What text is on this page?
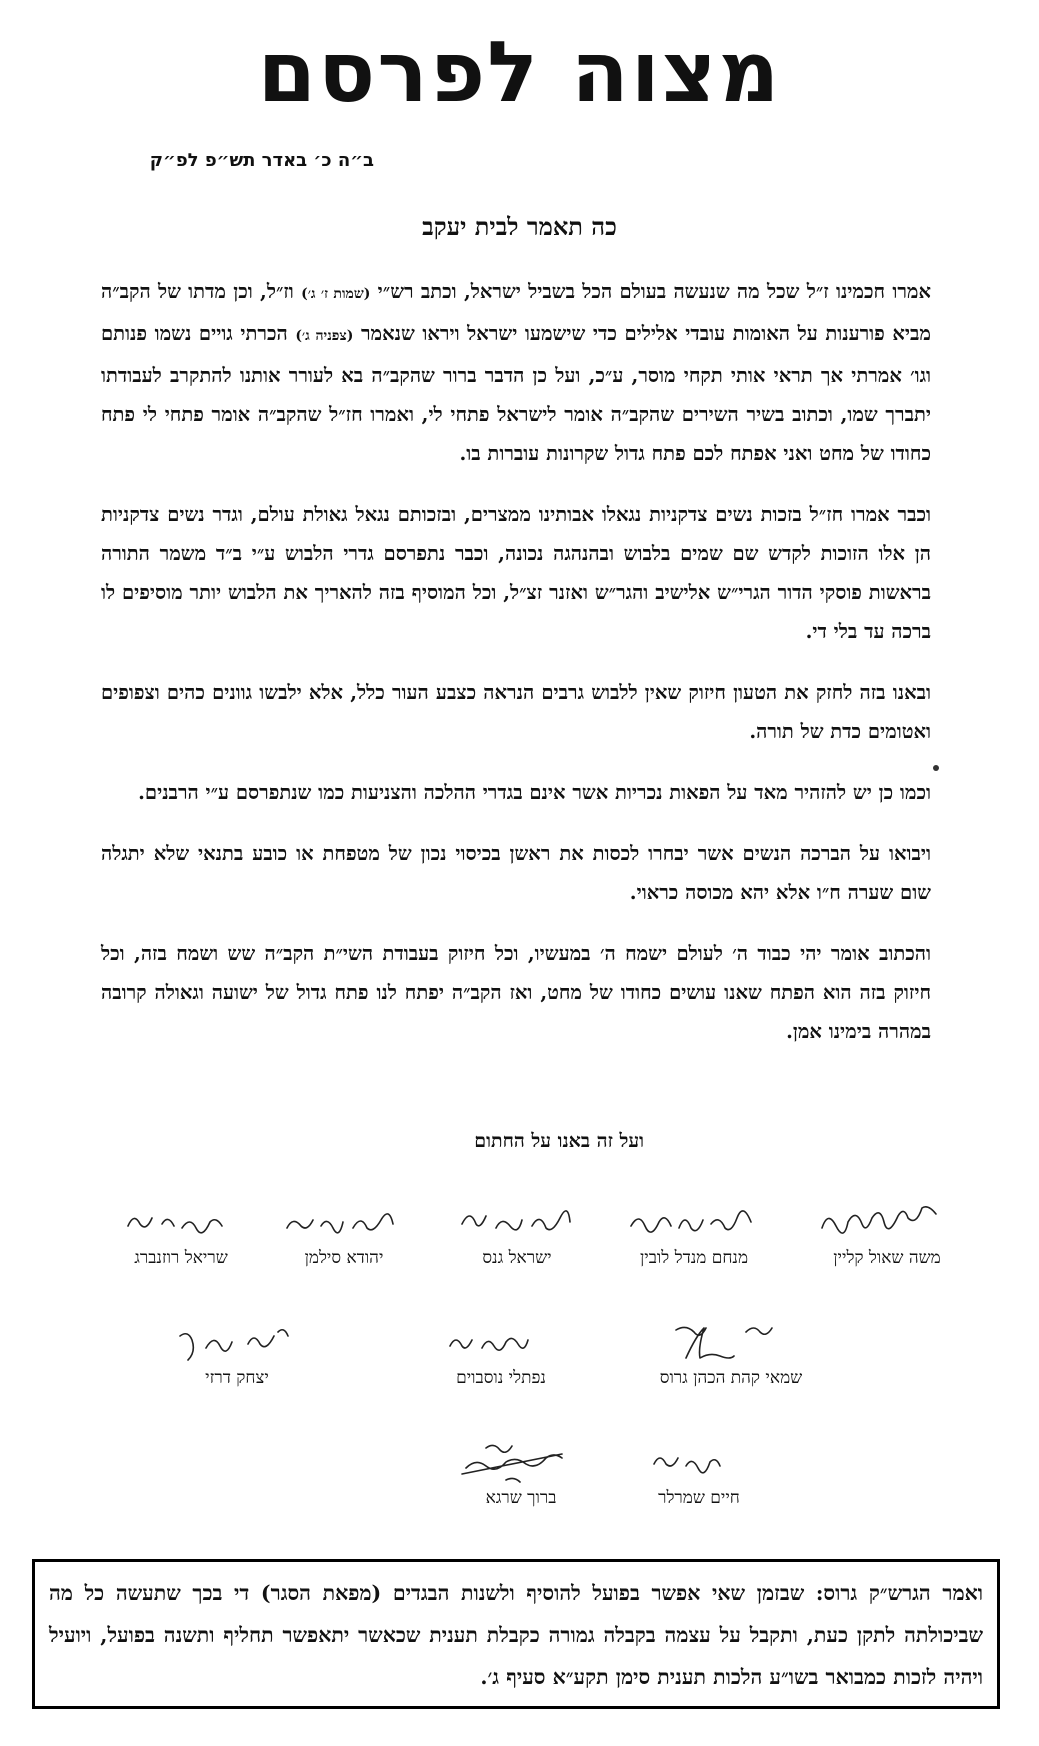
מצוה לפרסם
ב״ה כ׳ באדר תש״פ לפ״ק
כה תאמר לבית יעקב

אמרו חכמינו ז״ל שכל מה שנעשה בעולם הכל בשביל ישראל, וכתב רש״י (שמות ז׳ ג׳) וז״ל, וכן מדתו של הקב״ה מביא פורענות על האומות עובדי אלילים כדי שישמעו ישראל ויראו שנאמר (צפניה ג׳) הכרתי גויים נשמו פנותם וגו׳ אמרתי אך תראי אותי תקחי מוסר, ע״כ, ועל כן הדבר ברור שהקב״ה בא לעורר אותנו להתקרב לעבודתו יתברך שמו, וכתוב בשיר השירים שהקב״ה אומר לישראל פתחי לי, ואמרו חז״ל שהקב״ה אומר פתחי לי פתח כחודו של מחט ואני אפתח לכם פתח גדול שקרונות עוברות בו.

וכבר אמרו חז״ל בזכות נשים צדקניות נגאלו אבותינו ממצרים, ובזכותם נגאל גאולת עולם, וגדר נשים צדקניות הן אלו הזוכות לקדש שם שמים בלבוש ובהנהגה נכונה, וכבר נתפרסם גדרי הלבוש ע״י ב״ד משמר התורה בראשות פוסקי הדור הגרי״ש אלישיב והגר״ש ואזנר זצ״ל, וכל המוסיף בזה להאריך את הלבוש יותר מוסיפים לו ברכה עד בלי די.

ובאנו בזה לחזק את הטעון חיזוק שאין ללבוש גרבים הנראה כצבע העור כלל, אלא ילבשו גוונים כהים וצפופים ואטומים כדת של תורה.

וכמו כן יש להזהיר מאד על הפאות נכריות אשר אינם בגדרי ההלכה והצניעות כמו שנתפרסם ע״י הרבנים.

ויבואו על הברכה הנשים אשר יבחרו לכסות את ראשן בכיסוי נכון של מטפחת או כובע בתנאי שלא יתגלה שום שערה ח״ו אלא יהא מכוסה כראוי.

והכתוב אומר יהי כבוד ה׳ לעולם ישמח ה׳ במעשיו, וכל חיזוק בעבודת השי״ת הקב״ה שש ושמח בזה, וכל חיזוק בזה הוא הפתח שאנו עושים כחודו של מחט, ואז הקב״ה יפתח לנו פתח גדול של ישועה וגאולה קרובה במהרה בימינו אמן.

ועל זה באנו על החתום
משה שאול קליין
מנחם מנדל לובין
ישראל גנס
יהודא סילמן
שריאל רוזנברג
שמאי קהת הכהן גרוס
נפתלי נוסבוים
יצחק דרזי
חיים שמרלר
ברוך שרגא
ואמר הגרש״ק גרוס: שבזמן שאי אפשר בפועל להוסיף ולשנות הבגדים (מפאת הסגר) די בכך שתעשה כל מה שביכולתה לתקן כעת, ותקבל על עצמה בקבלה גמורה כקבלת תענית שכאשר יתאפשר תחליף ותשנה בפועל, ויועיל ויהיה לזכות כמבואר בשו״ע הלכות תענית סימן תקע״א סעיף ג׳.
